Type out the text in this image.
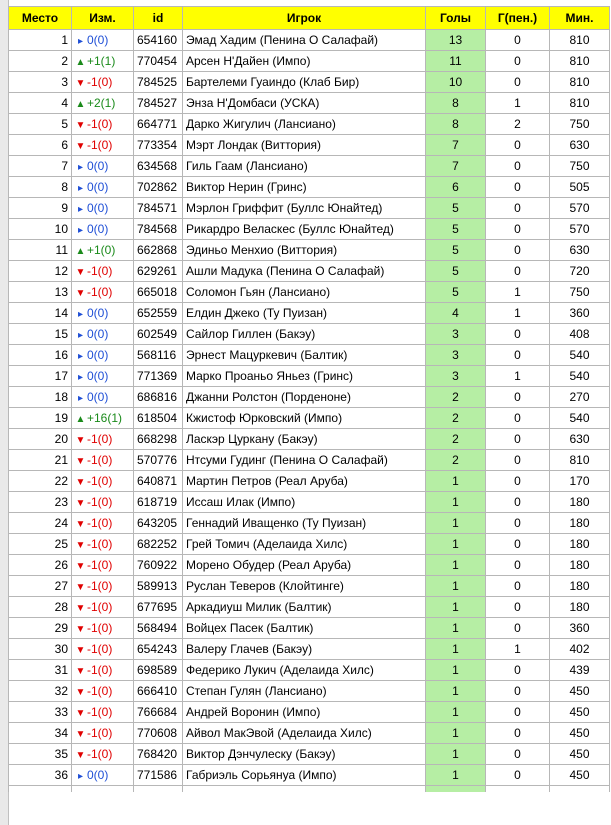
Место	Изм.	id	Игрок	Голы	Г(пен.)	Мин.
1	▸ 0(0)	654160	Эмад Хадим (Пенина О Салафай)	13	0	810
2	▲ +1(1)	770454	Арсен Н'Дайен (Импо)	11	0	810
3	▼ -1(0)	784525	Бартелеми Гуаиндо (Клаб Бир)	10	0	810
4	▲ +2(1)	784527	Энза Н'Домбаси (УСКА)	8	1	810
5	▼ -1(0)	664771	Дарко Жигулич (Лансиано)	8	2	750
6	▼ -1(0)	773354	Мэрт Лондак (Виттория)	7	0	630
7	▸ 0(0)	634568	Гиль Гаам (Лансиано)	7	0	750
8	▸ 0(0)	702862	Виктор Нерин (Гринс)	6	0	505
9	▸ 0(0)	784571	Мэрлон Гриффит (Буллс Юнайтед)	5	0	570
10	▸ 0(0)	784568	Рикардро Веласкес (Буллс Юнайтед)	5	0	570
11	▲ +1(0)	662868	Эдиньо Менхио (Виттория)	5	0	630
12	▼ -1(0)	629261	Ашли Мадука (Пенина О Салафай)	5	0	720
13	▼ -1(0)	665018	Соломон Гьян (Лансиано)	5	1	750
14	▸ 0(0)	652559	Елдин Джеко (Ту Пуизан)	4	1	360
15	▸ 0(0)	602549	Сайлор Гиллен (Бакэу)	3	0	408
16	▸ 0(0)	568116	Эрнест Мацуркевич (Балтик)	3	0	540
17	▸ 0(0)	771369	Марко Проаньо Яньез (Гринс)	3	1	540
18	▸ 0(0)	686816	Джанни Ролстон (Порденоне)	2	0	270
19	▲ +16(1)	618504	Кжистоф Юрковский (Импо)	2	0	540
20	▼ -1(0)	668298	Ласкэр Цуркану (Бакэу)	2	0	630
21	▼ -1(0)	570776	Нтсуми Гудинг (Пенина О Салафай)	2	0	810
22	▼ -1(0)	640871	Мартин Петров (Реал Аруба)	1	0	170
23	▼ -1(0)	618719	Иссаш Илак (Импо)	1	0	180
24	▼ -1(0)	643205	Геннадий Иващенко (Ту Пуизан)	1	0	180
25	▼ -1(0)	682252	Грей Томич (Аделаида Хилс)	1	0	180
26	▼ -1(0)	760922	Морено Обудер (Реал Аруба)	1	0	180
27	▼ -1(0)	589913	Руслан Теверов (Клойтинге)	1	0	180
28	▼ -1(0)	677695	Аркадиуш Милик (Балтик)	1	0	180
29	▼ -1(0)	568494	Войцех Пасек (Балтик)	1	0	360
30	▼ -1(0)	654243	Валеру Глачев (Бакэу)	1	1	402
31	▼ -1(0)	698589	Федерико Лукич (Аделаида Хилс)	1	0	439
32	▼ -1(0)	666410	Степан Гулян (Лансиано)	1	0	450
33	▼ -1(0)	766684	Андрей Воронин (Импо)	1	0	450
34	▼ -1(0)	770608	Айвол МакЭвой (Аделаида Хилс)	1	0	450
35	▼ -1(0)	768420	Виктор Дэнчулеску (Бакэу)	1	0	450
36	▸ 0(0)	771586	Габриэль Сорьянуа (Импо)	1	0	450
